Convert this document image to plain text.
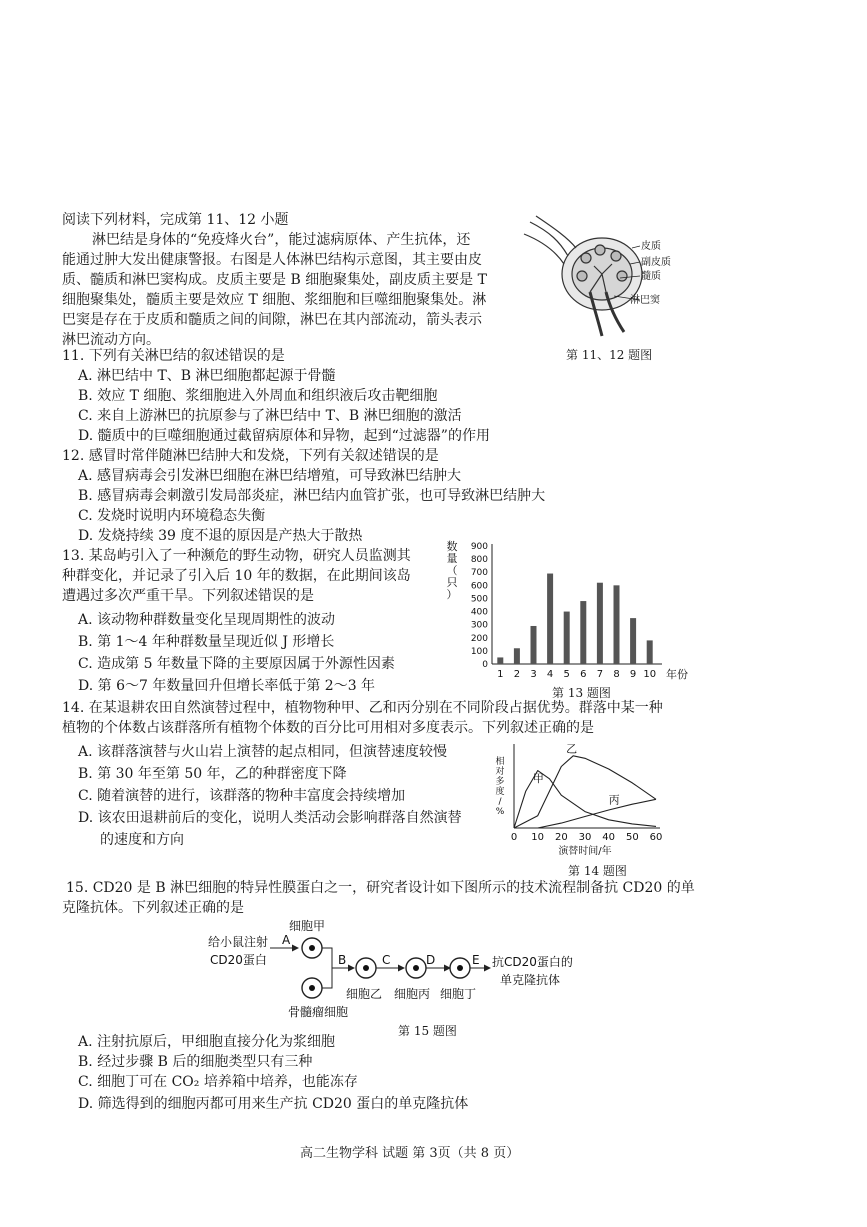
阅读下列材料，完成第 11、12 小题
淋巴结是身体的“免疫烽火台”，能过滤病原体、产生抗体，还
能通过肿大发出健康警报。右图是人体淋巴结构示意图，其主要由皮
质、髓质和淋巴窦构成。皮质主要是 B 细胞聚集处，副皮质主要是 T
细胞聚集处，髓质主要是效应 T 细胞、浆细胞和巨噬细胞聚集处。淋
巴窦是存在于皮质和髓质之间的间隙，淋巴在其内部流动，箭头表示
淋巴流动方向。
皮质
副皮质
髓质
淋巴窦
第 11、12 题图
11. 下列有关淋巴结的叙述错误的是
A. 淋巴结中 T、B 淋巴细胞都起源于骨髓
B. 效应 T 细胞、浆细胞进入外周血和组织液后攻击靶细胞
C. 来自上游淋巴的抗原参与了淋巴结中 T、B 淋巴细胞的激活
D. 髓质中的巨噬细胞通过截留病原体和异物，起到“过滤器”的作用
12. 感冒时常伴随淋巴结肿大和发烧，下列有关叙述错误的是
A. 感冒病毒会引发淋巴细胞在淋巴结增殖，可导致淋巴结肿大
B. 感冒病毒会刺激引发局部炎症，淋巴结内血管扩张，也可导致淋巴结肿大
C. 发烧时说明内环境稳态失衡
D. 发烧持续 39 度不退的原因是产热大于散热
13. 某岛屿引入了一种濒危的野生动物，研究人员监测其
种群变化，并记录了引入后 10 年的数据，在此期间该岛
遭遇过多次严重干旱。下列叙述错误的是
A. 该动物种群数量变化呈现周期性的波动
B. 第 1～4 年种群数量呈现近似 J 形增长
C. 造成第 5 年数量下降的主要原因属于外源性因素
D. 第 6～7 年数量回升但增长率低于第 2～3 年
0
100
200
300
400
500
600
700
800
900
1 2 3 4 5 6 7 8 9 10
数
量
（
只
）
年份
第 13 题图
14. 在某退耕农田自然演替过程中，植物物种甲、乙和丙分别在不同阶段占据优势。群落中某一种
植物的个体数占该群落所有植物个体数的百分比可用相对多度表示。下列叙述正确的是
A. 该群落演替与火山岩上演替的起点相同，但演替速度较慢
B. 第 30 年至第 50 年，乙的种群密度下降
C. 随着演替的进行，该群落的物种丰富度会持续增加
D. 该农田退耕前后的变化，说明人类活动会影响群落自然演替
的速度和方向	0 10 20 30 40 50 60
演替时间/年
相
对
多
度
/
%
甲
乙
丙
第 14 题图
15. CD20 是 B 淋巴细胞的特异性膜蛋白之一，研究者设计如下图所示的技术流程制备抗 CD20 的单
克隆抗体。下列叙述正确的是
给小鼠注射
CD20蛋白
细胞甲
A
骨髓瘤细胞
B
细胞乙
C
细胞丙
D
细胞丁
E 抗CD20蛋白的
单克隆抗体
第 15 题图
A. 注射抗原后，甲细胞直接分化为浆细胞
B. 经过步骤 B 后的细胞类型只有三种
C. 细胞丁可在 CO₂ 培养箱中培养，也能冻存
D. 筛选得到的细胞丙都可用来生产抗 CD20 蛋白的单克隆抗体
高二生物学科 试题 第 3页（共 8 页）
